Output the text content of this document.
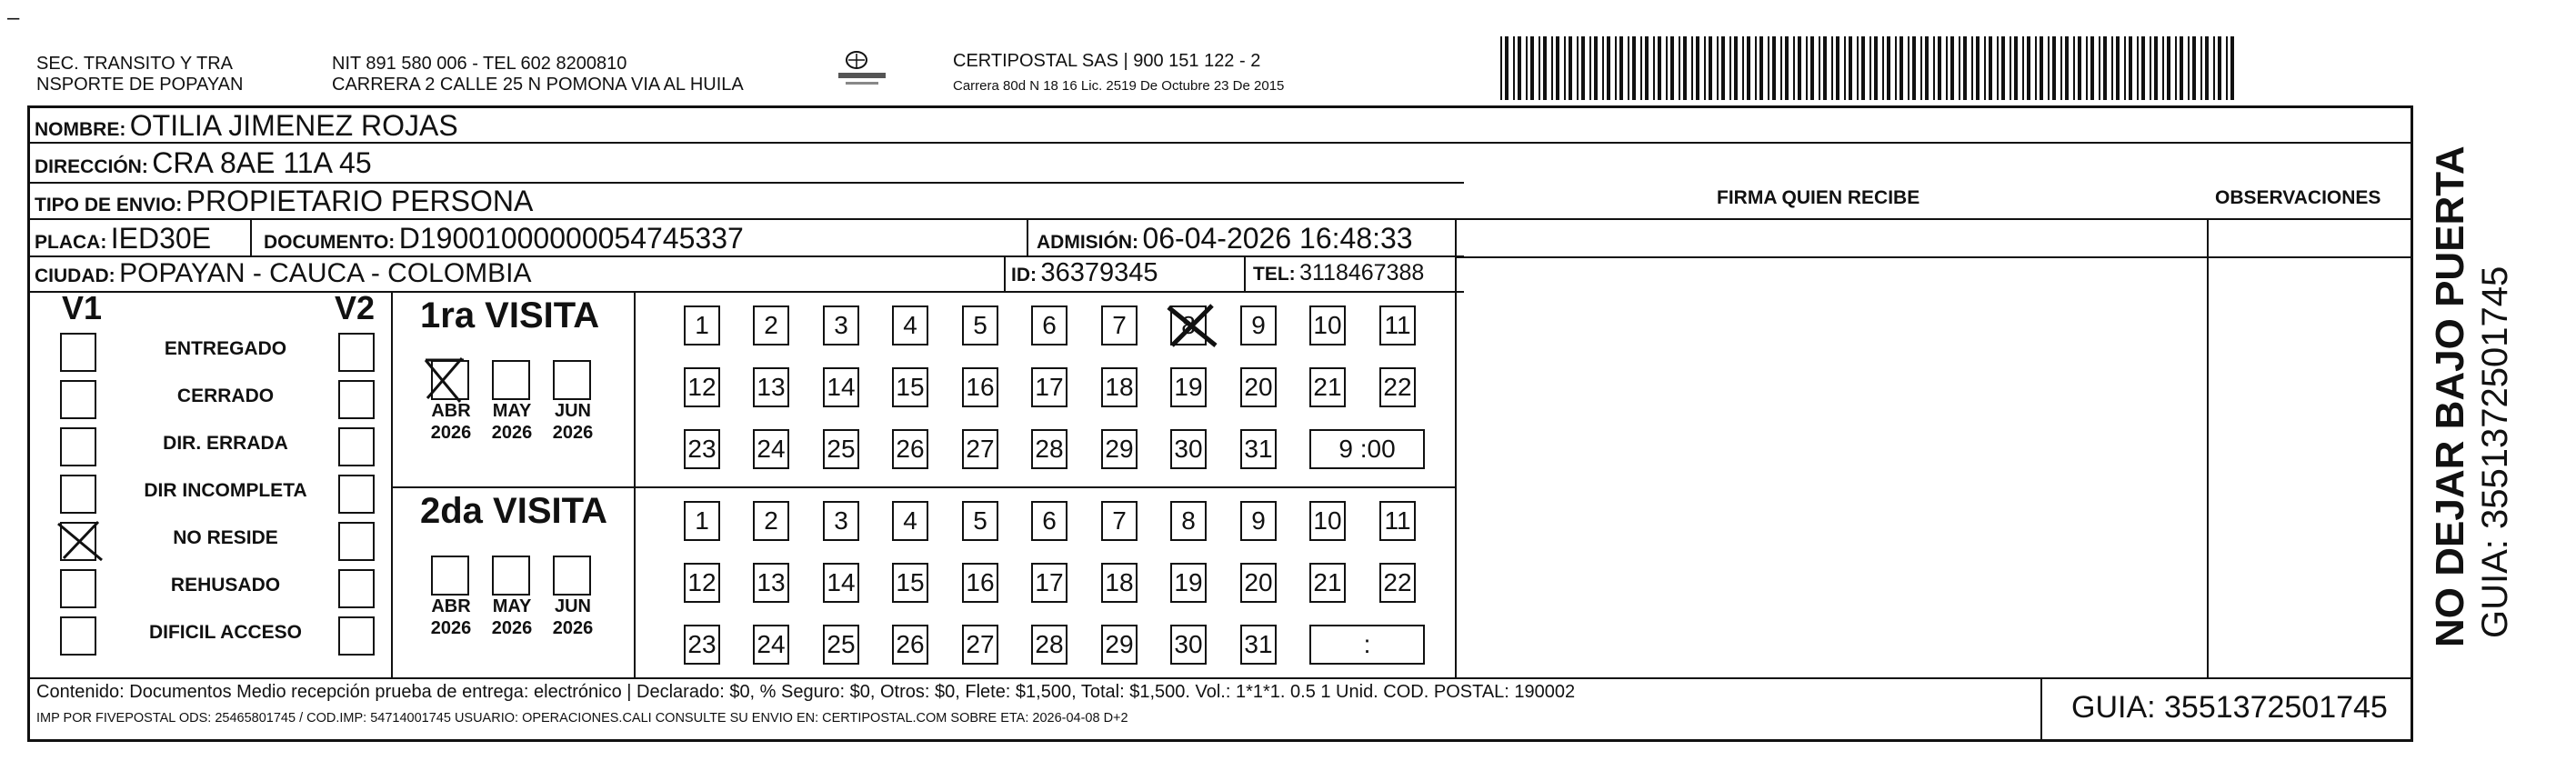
–
SEC. TRANSITO Y TRA
NSPORTE DE POPAYAN
NIT 891 580 006 - TEL 602 8200810
CARRERA 2 CALLE 25 N POMONA VIA AL HUILA
CERTIPOSTAL SAS | 900 151 122 - 2
Carrera 80d N 18 16 Lic. 2519 De Octubre 23 De 2015
NOMBRE: OTILIA JIMENEZ ROJAS
DIRECCIÓN: CRA 8AE 11A 45
TIPO DE ENVIO: PROPIETARIO PERSONA	FIRMA QUIEN RECIBE	OBSERVACIONES
PLACA: IED30E	DOCUMENTO: D19001000000054745337	ADMISIÓN: 06-04-2026 16:48:33
CIUDAD: POPAYAN - CAUCA - COLOMBIA	ID: 36379345	TEL: 3118467388
V1	V2
ENTREGADO
CERRADO
DIR. ERRADA
DIR INCOMPLETA
NO RESIDE
REHUSADO
DIFICIL ACCESO
1ra VISITA
2da VISITA
ABR
2026
MAY
2026
JUN
2026
1	2	3	4	5	6	7	8	9	10 11
12 13 14 15 16 17 18 19 20 21 22
23 24 25 26 27 28 29 30 31	9 :00
ABR
2026
MAY
2026
JUN
2026
1	2	3	4	5	6	7	8	9	10 11
12 13 14 15 16 17 18 19 20 21 22
23 24 25 26 27 28 29 30 31	:
Contenido: Documentos Medio recepción prueba de entrega: electrónico | Declarado: $0, % Seguro: $0, Otros: $0, Flete: $1,500, Total: $1,500. Vol.: 1*1*1. 0.5 1 Unid. COD. POSTAL: 190002
IMP POR FIVEPOSTAL ODS: 25465801745 / COD.IMP: 54714001745 USUARIO: OPERACIONES.CALI CONSULTE SU ENVIO EN: CERTIPOSTAL.COM SOBRE ETA: 2026-04-08 D+2	GUIA: 3551372501745
NO DEJAR BAJO PUERTA GUIA: 3551372501745
